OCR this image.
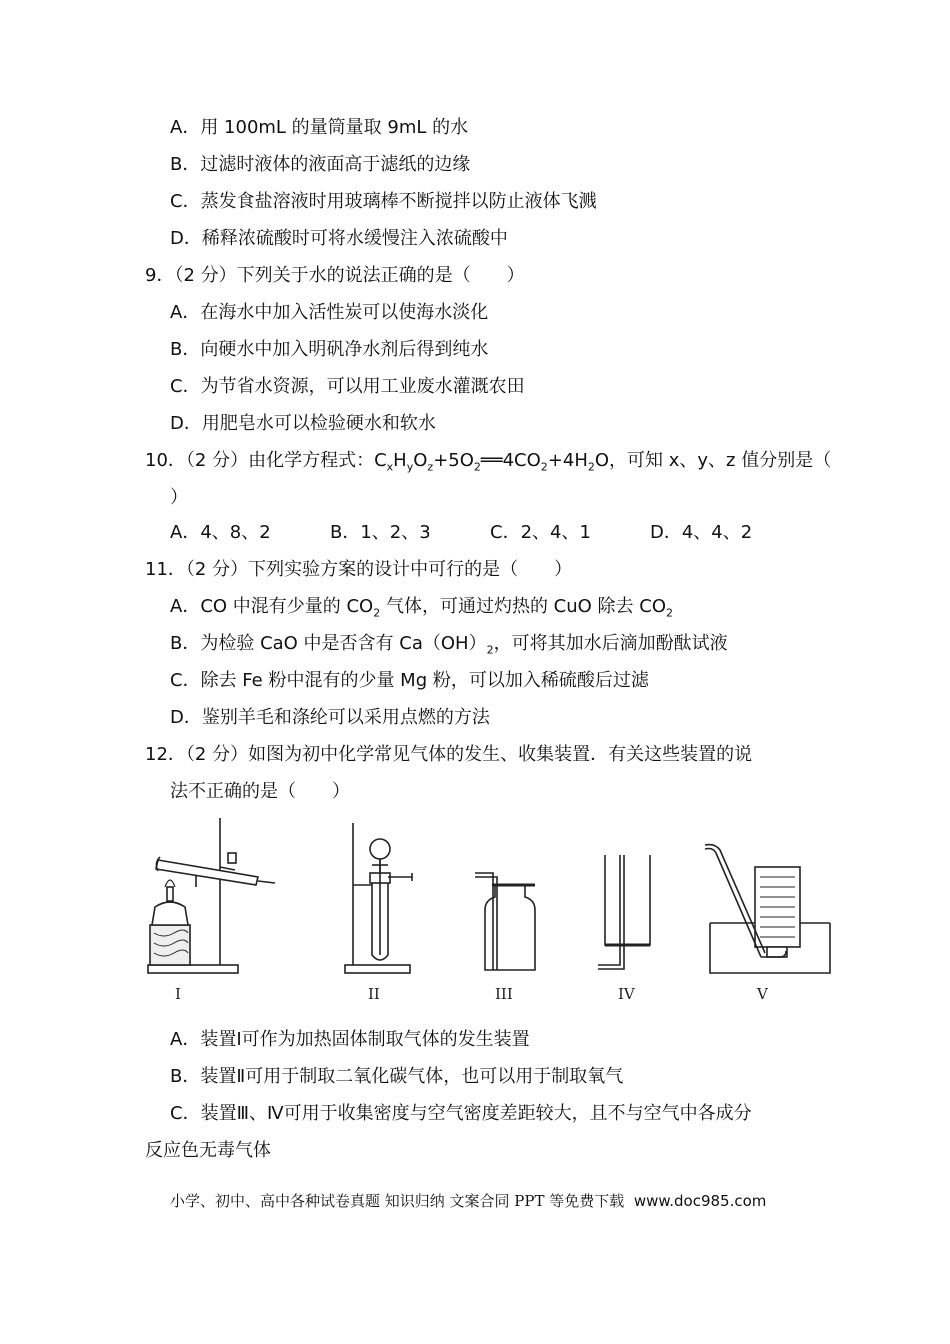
A．用 100mL 的量筒量取 9mL 的水
B．过滤时液体的液面高于滤纸的边缘
C．蒸发食盐溶液时用玻璃棒不断搅拌以防止液体飞溅
D．稀释浓硫酸时可将水缓慢注入浓硫酸中
9．（2 分）下列关于水的说法正确的是（　　）
A．在海水中加入活性炭可以使海水淡化
B．向硬水中加入明矾净水剂后得到纯水
C．为节省水资源，可以用工业废水灌溉农田
D．用肥皂水可以检验硬水和软水
10．（2 分）由化学方程式：$C_xH_yO_z+5O_2══4CO_2+4H_2O$，可知 x、y、z 值分别是（
）
A．4、8、2	B．1、2、3	C．2、4、1	D．4、4、2
11．（2 分）下列实验方案的设计中可行的是（　　）
A．CO 中混有少量的 $CO_2$ 气体，可通过灼热的 CuO 除去 $CO_2$
B．为检验 CaO 中是否含有 $Ca(OH)_2$，可将其加水后滴加酚酞试液
C．除去 Fe 粉中混有的少量 Mg 粉，可以加入稀硫酸后过滤
D．鉴别羊毛和涤纶可以采用点燃的方法
12．（2 分）如图为初中化学常见气体的发生、收集装置．有关这些装置的说
法不正确的是（　　）
I	II	III	IV	V
A．装置Ⅰ可作为加热固体制取气体的发生装置
B．装置Ⅱ可用于制取二氧化碳气体，也可以用于制取氧气
C．装置Ⅲ、Ⅳ可用于收集密度与空气密度差距较大，且不与空气中各成分
反应色无毒气体
小学、初中、高中各种试卷真题 知识归纳 文案合同 PPT 等免费下载 www.doc985.com
